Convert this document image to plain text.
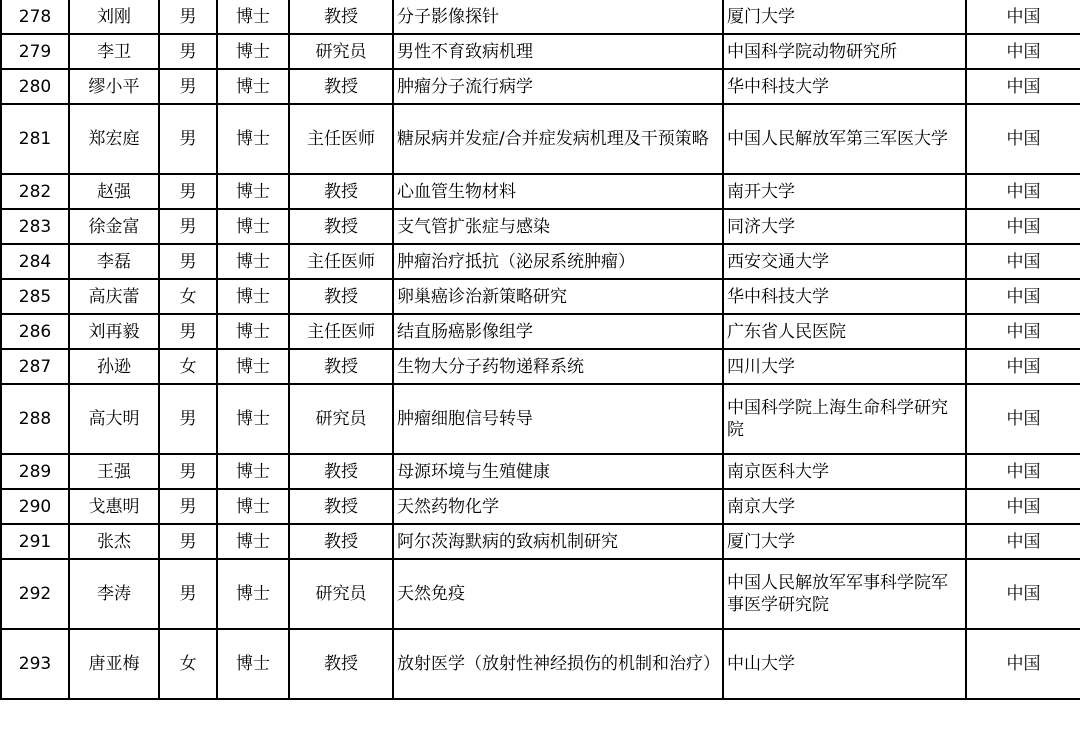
278	刘刚	男	博士	教授	分子影像探针	厦门大学	中国
279	李卫	男	博士	研究员	男性不育致病机理	中国科学院动物研究所	中国
280	缪小平	男	博士	教授	肿瘤分子流行病学	华中科技大学	中国
281	郑宏庭	男	博士	主任医师	糖尿病并发症/合并症发病机理及干预策略	中国人民解放军第三军医大学	中国
282	赵强	男	博士	教授	心血管生物材料	南开大学	中国
283	徐金富	男	博士	教授	支气管扩张症与感染	同济大学	中国
284	李磊	男	博士	主任医师	肿瘤治疗抵抗（泌尿系统肿瘤）	西安交通大学	中国
285	高庆蕾	女	博士	教授	卵巢癌诊治新策略研究	华中科技大学	中国
286	刘再毅	男	博士	主任医师	结直肠癌影像组学	广东省人民医院	中国
287	孙逊	女	博士	教授	生物大分子药物递释系统	四川大学	中国
288	高大明	男	博士	研究员	肿瘤细胞信号转导	中国科学院上海生命科学研究院	中国
289	王强	男	博士	教授	母源环境与生殖健康	南京医科大学	中国
290	戈惠明	男	博士	教授	天然药物化学	南京大学	中国
291	张杰	男	博士	教授	阿尔茨海默病的致病机制研究	厦门大学	中国
292	李涛	男	博士	研究员	天然免疫	中国人民解放军军事科学院军事医学研究院	中国
293	唐亚梅	女	博士	教授	放射医学（放射性神经损伤的机制和治疗）	中山大学	中国
